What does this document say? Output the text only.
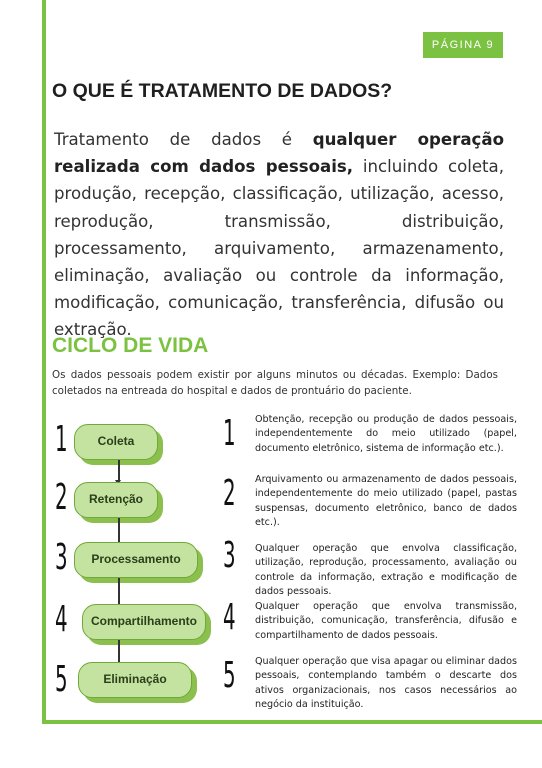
PÁGINA 9
O QUE É TRATAMENTO DE DADOS?

Tratamento de dados é qualquer operação realizada com dados pessoais, incluindo coleta, produção, recepção, classificação, utilização, acesso, reprodução, transmissão, distribuição, processamento, arquivamento, armazenamento, eliminação, avaliação ou controle da informação, modificação, comunicação, transferência, difusão ou extração.

CICLO DE VIDA

Os dados pessoais podem existir por alguns minutos ou décadas. Exemplo: Dados coletados na entreada do hospital e dados de prontuário do paciente.

1	Coleta	1 Obtenção, recepção ou produção de dados pessoais, independentemente do meio utilizado (papel, documento eletrônico, sistema de informação etc.).
2	Retenção	2 Arquivamento ou armazenamento de dados pessoais, independentemente do meio utilizado (papel, pastas suspensas, documento eletrônico, banco de dados etc.).
3	Processamento	3 Qualquer operação que envolva classificação, utilização, reprodução, processamento, avaliação ou controle da informação, extração e modificação de dados pessoais.
4	Compartilhamento 4 Qualquer operação que envolva transmissão, distribuição, comunicação, transferência, difusão e compartilhamento de dados pessoais.
5	Eliminação	5 Qualquer operação que visa apagar ou eliminar dados pessoais, contemplando também o descarte dos ativos organizacionais, nos casos necessários ao negócio da instituição.
